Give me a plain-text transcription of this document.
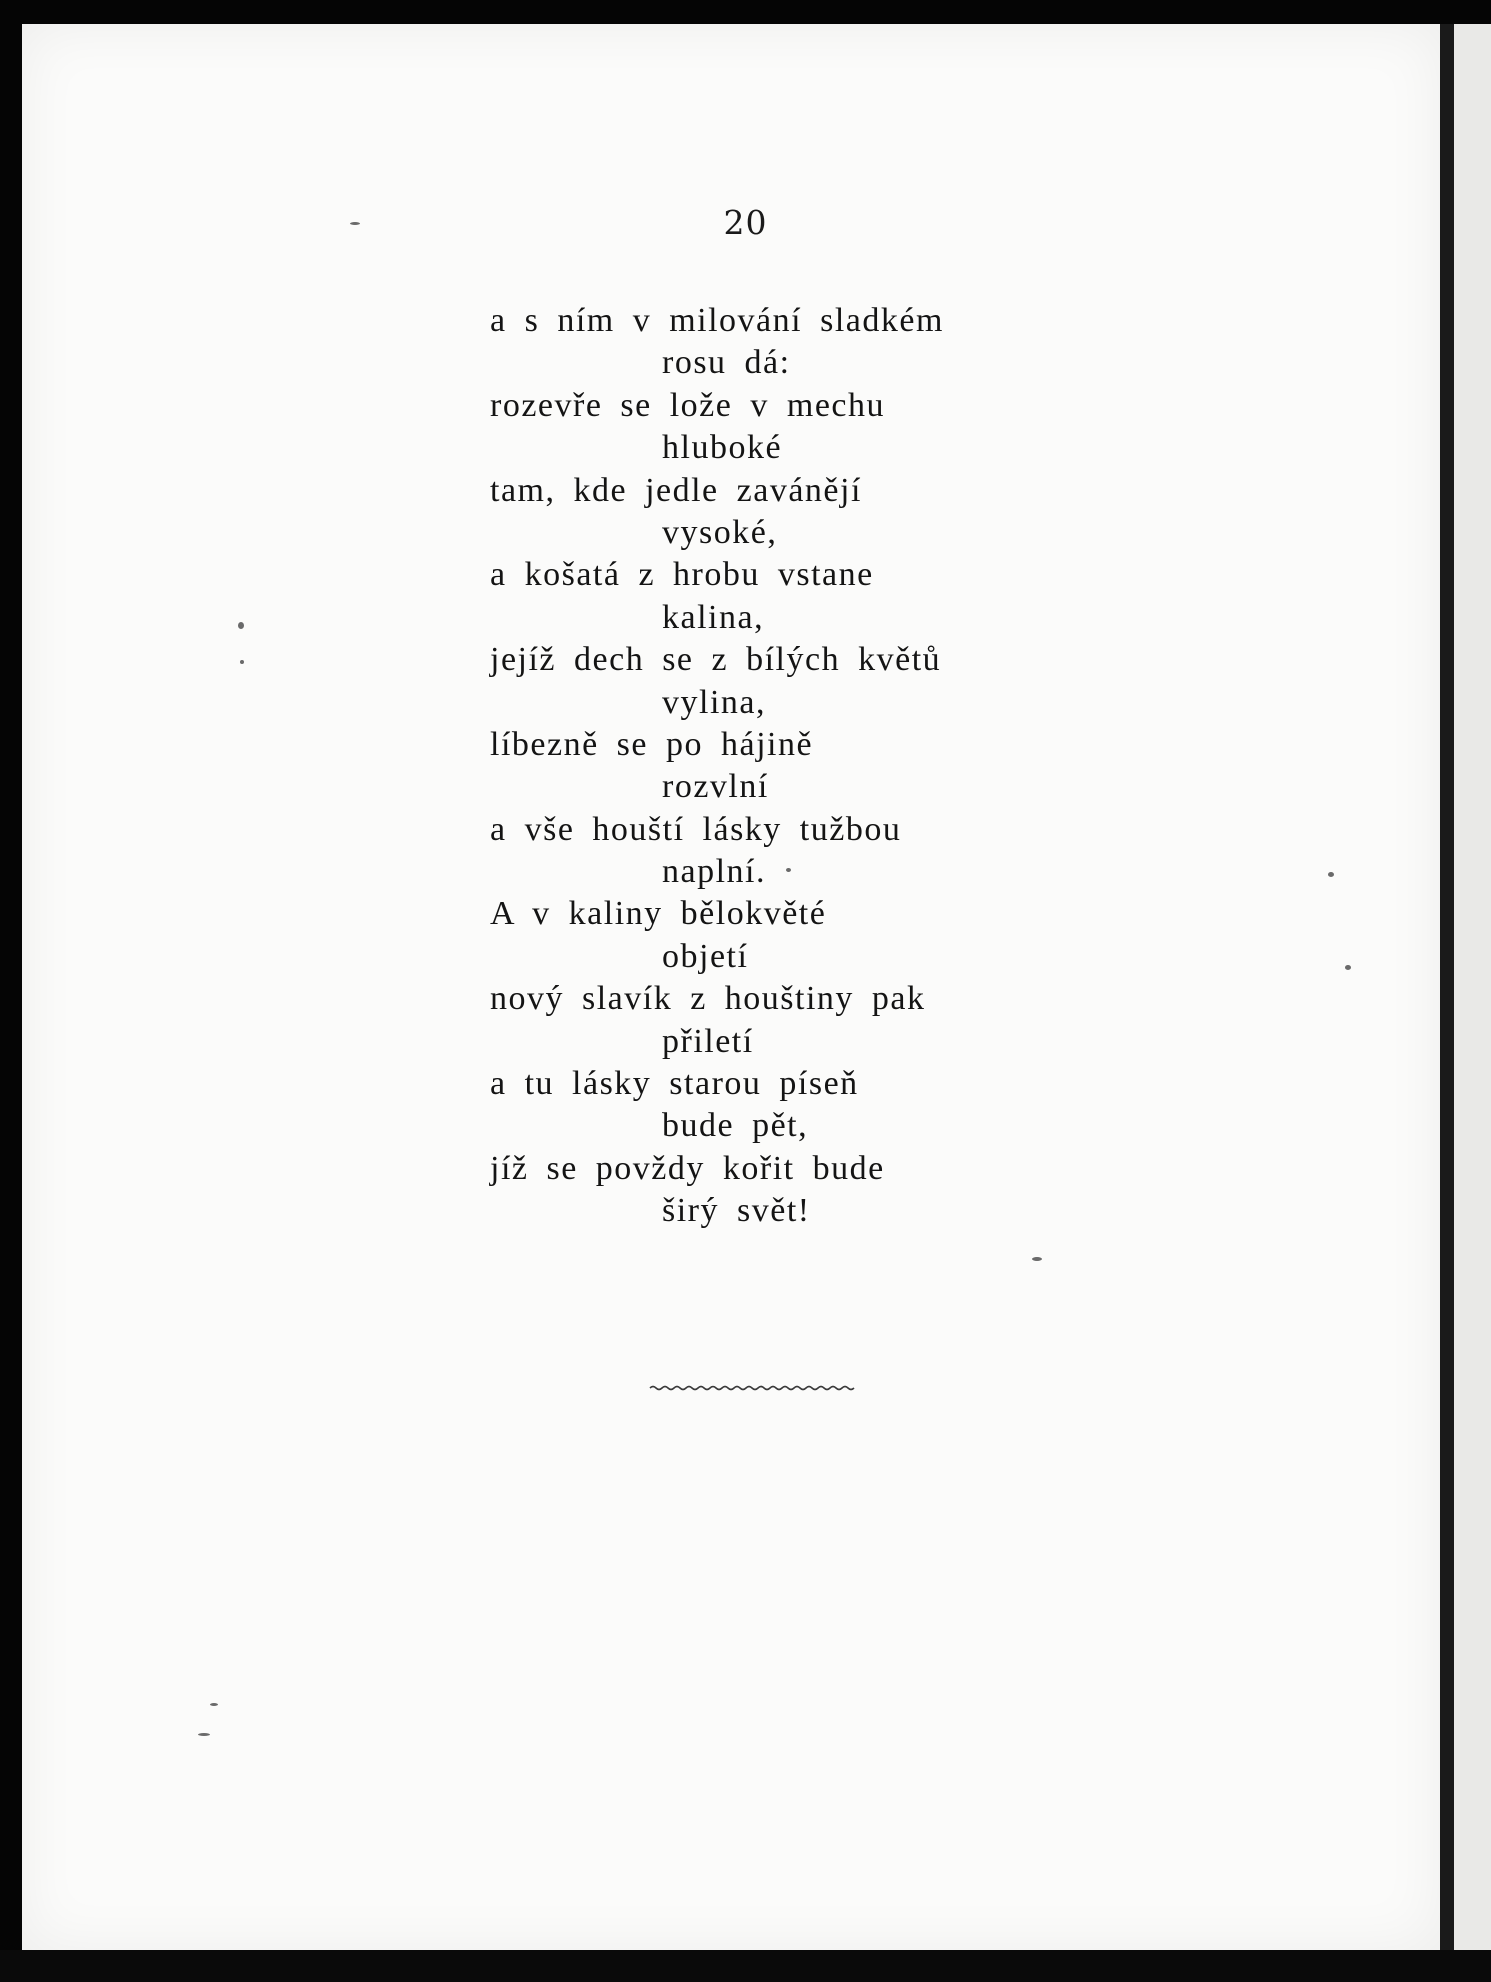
20
a s ním v milování sladkém
rosu dá:
rozevře se lože v mechu
hluboké
tam, kde jedle zavánějí
vysoké,
a košatá z hrobu vstane
kalina,
jejíž dech se z bílých květů
vylina,
líbezně se po hájině
rozvlní
a vše houští lásky tužbou
naplní.
A v kaliny bělokvěté
objetí
nový slavík z houštiny pak
přiletí
a tu lásky starou píseň
bude pět,
jíž se povždy kořit bude
širý svět!
